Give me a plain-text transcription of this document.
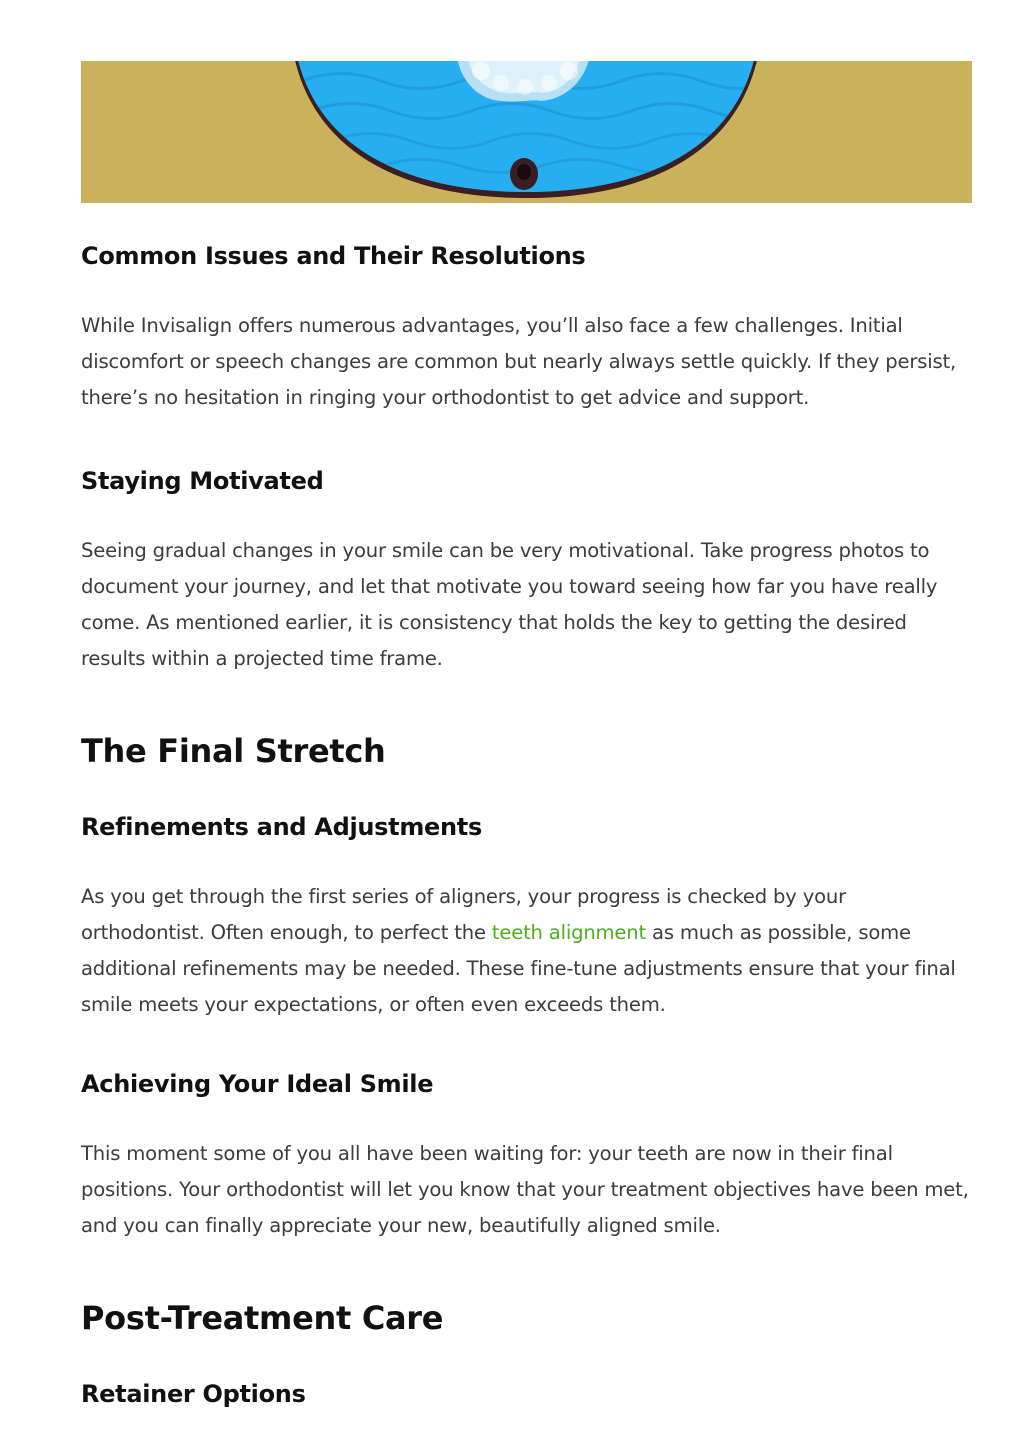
Common Issues and Their Resolutions

While Invisalign offers numerous advantages, you’ll also face a few challenges. Initial discomfort or speech changes are common but nearly always settle quickly. If they persist, there’s no hesitation in ringing your orthodontist to get advice and support.

Staying Motivated

Seeing gradual changes in your smile can be very motivational. Take progress photos to document your journey, and let that motivate you toward seeing how far you have really come. As mentioned earlier, it is consistency that holds the key to getting the desired results within a projected time frame.

The Final Stretch
Refinements and Adjustments

As you get through the first series of aligners, your progress is checked by your orthodontist. Often enough, to perfect the teeth alignment as much as possible, some additional refinements may be needed. These fine-tune adjustments ensure that your final smile meets your expectations, or often even exceeds them.

Achieving Your Ideal Smile

This moment some of you all have been waiting for: your teeth are now in their final positions. Your orthodontist will let you know that your treatment objectives have been met, and you can finally appreciate your new, beautifully aligned smile.

Post-Treatment Care
Retainer Options
